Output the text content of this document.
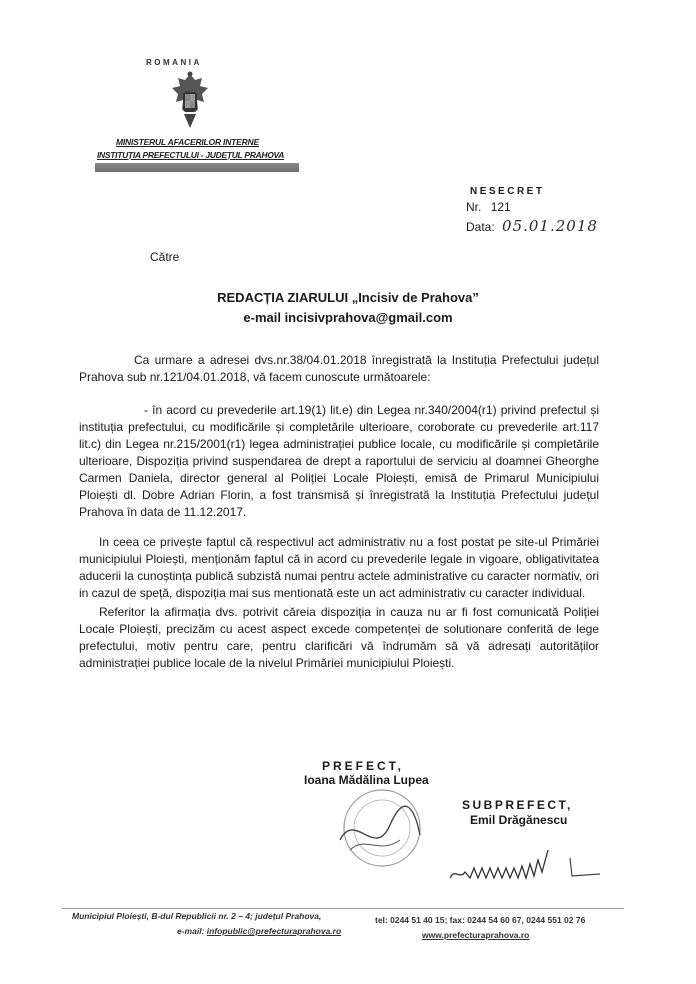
ROMANIA
MINISTERUL AFACERILOR INTERNE
INSTITUȚIA PREFECTULUI - JUDEȚUL PRAHOVA
NESECRET
Nr. 121
Data: 05.01.2018
Către
REDACȚIA ZIARULUI „Incisiv de Prahova”
e-mail incisivprahova@gmail.com

Ca urmare a adresei dvs.nr.38/04.01.2018 înregistrată la Instituția Prefectului județul Prahova sub nr.121/04.01.2018, vă facem cunoscute următoarele:

- în acord cu prevederile art.19(1) lit.e) din Legea nr.340/2004(r1) privind prefectul și instituția prefectului, cu modificările și completările ulterioare, coroborate cu prevederile art.117 lit.c) din Legea nr.215/2001(r1) legea administrației publice locale, cu modificările și completările ulterioare, Dispoziția privind suspendarea de drept a raportului de serviciu al doamnei Gheorghe Carmen Daniela, director general al Poliției Locale Ploiești, emisă de Primarul Municipiului Ploiești dl. Dobre Adrian Florin, a fost transmisă și înregistrată la Instituția Prefectului județul Prahova în data de 11.12.2017.

In ceea ce privește faptul că respectivul act administrativ nu a fost postat pe site-ul Primăriei municipiului Ploiești, menționăm faptul că in acord cu prevederile legale in vigoare, obligativitatea aducerii la cunoștința publică subzistă numai pentru actele administrative cu caracter normativ, ori in cazul de speță, dispoziția mai sus mentionată este un act administrativ cu caracter individual.

Referitor la afirmația dvs. potrivit căreia dispoziția in cauza nu ar fi fost comunicată Poliției Locale Ploiești, precizăm cu acest aspect excede competenței de solutionare conferită de lege prefectului, motiv pentru care, pentru clarificări vă îndrumăm să vă adresați autorităților administrației publice locale de la nivelul Primăriei municipiului Ploiești.

PREFECT,
Ioana Mădălina Lupea
SUBPREFECT,
Emil Drăgănescu
Municipiul Ploiești, B-dul Republicii nr. 2 – 4; județul Prahova,
e-mail: infopublic@prefecturaprahova.ro
tel: 0244 51 40 15; fax: 0244 54 60 67, 0244 551 02 76
www.prefecturaprahova.ro
